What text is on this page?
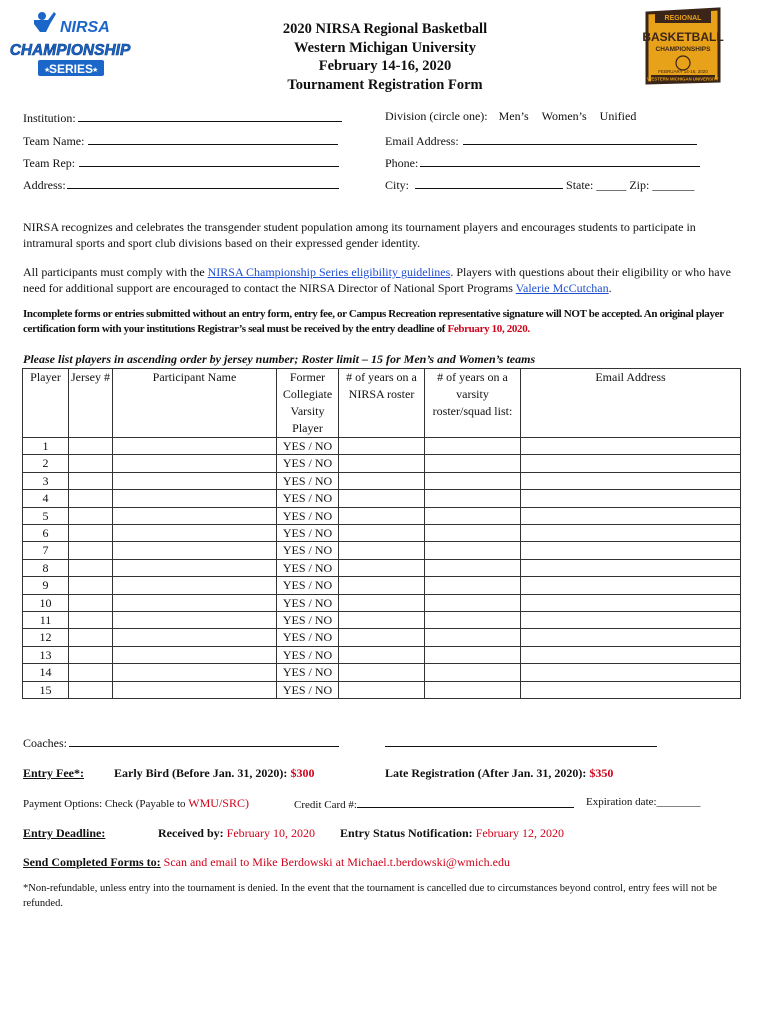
NIRSA
CHAMPIONSHIP
SERIES
★	★
2020 NIRSA Regional Basketball
Western Michigan University
February 14-16, 2020
Tournament Registration Form
REGIONAL
BASKETBALL
CHAMPIONSHIPS
FEBRUARY 14-16, 2020
WESTERN MICHIGAN UNIVERSITY
Institution:	Division (circle one): Men’s Women’s Unified
Team Name:	Email Address:
Team Rep:	Phone:
Address:	City:	State: _____ Zip: _______
NIRSA recognizes and celebrates the transgender student population among its tournament players and encourages students to participate in intramural sports and sport club divisions based on their expressed gender identity.
All participants must comply with the NIRSA Championship Series eligibility guidelines. Players with questions about their eligibility or who have need for additional support are encouraged to contact the NIRSA Director of National Sport Programs Valerie McCutchan.
Incomplete forms or entries submitted without an entry form, entry fee, or Campus Recreation representative signature will NOT be accepted. An original player certification form with your institutions Registrar’s seal must be received by the entry deadline of February 10, 2020.
Please list players in ascending order by jersey number; Roster limit – 15 for Men’s and Women’s teams
Player	Jersey #	Participant Name	Former Collegiate Varsity Player	# of years on a NIRSA roster	# of years on a varsity roster/squad list:	Email Address
1			YES / NO			
2			YES / NO			
3			YES / NO			
4			YES / NO			
5			YES / NO			
6			YES / NO			
7			YES / NO			
8			YES / NO			
9			YES / NO			
10			YES / NO			
11			YES / NO			
12			YES / NO			
13			YES / NO			
14			YES / NO			
15			YES / NO			
Coaches:
Entry Fee*:	Early Bird (Before Jan. 31, 2020): $300	Late Registration (After Jan. 31, 2020): $350
Payment Options: Check (Payable to WMU/SRC)	Credit Card #:	Expiration date:________
Entry Deadline:	Received by: February 10, 2020 Entry Status Notification: February 12, 2020
Send Completed Forms to: Scan and email to Mike Berdowski at Michael.t.berdowski@wmich.edu
*Non-refundable, unless entry into the tournament is denied. In the event that the tournament is cancelled due to circumstances beyond control, entry fees will not be refunded.
